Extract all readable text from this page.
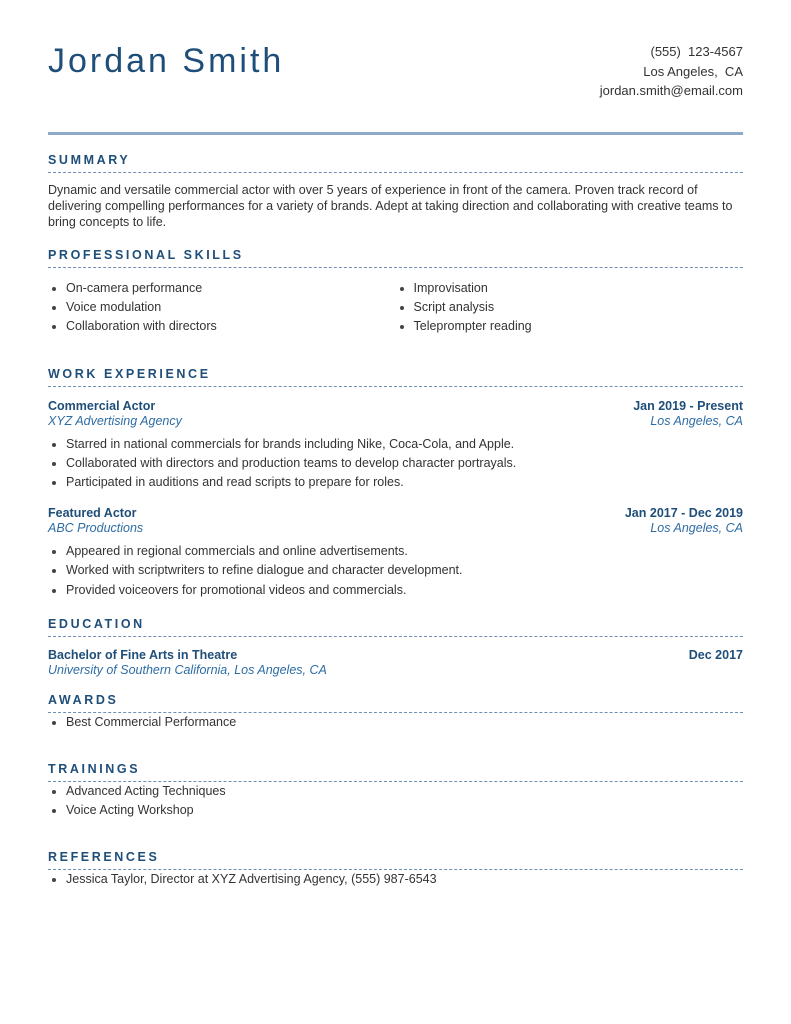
Jordan Smith	(555)  123-4567
Los Angeles,  CA
jordan.smith@email.com
SUMMARY

Dynamic and versatile commercial actor with over 5 years of experience in front of the camera. Proven track record of delivering compelling performances for a variety of brands. Adept at taking direction and collaborating with creative teams to bring concepts to life.

PROFESSIONAL SKILLS
On-camera performance
Voice modulation
Collaboration with directors
Improvisation
Script analysis
Teleprompter reading
WORK EXPERIENCE
Commercial Actor	Jan 2019 - Present
XYZ Advertising Agency	Los Angeles, CA
Starred in national commercials for brands including Nike, Coca-Cola, and Apple.
Collaborated with directors and production teams to develop character portrayals.
Participated in auditions and read scripts to prepare for roles.
Featured Actor	Jan 2017 - Dec 2019
ABC Productions	Los Angeles, CA
Appeared in regional commercials and online advertisements.
Worked with scriptwriters to refine dialogue and character development.
Provided voiceovers for promotional videos and commercials.
EDUCATION
Bachelor of Fine Arts in Theatre	Dec 2017
University of Southern California, Los Angeles, CA
AWARDS
Best Commercial Performance
TRAININGS
Advanced Acting Techniques
Voice Acting Workshop
REFERENCES
Jessica Taylor, Director at XYZ Advertising Agency, (555) 987-6543
